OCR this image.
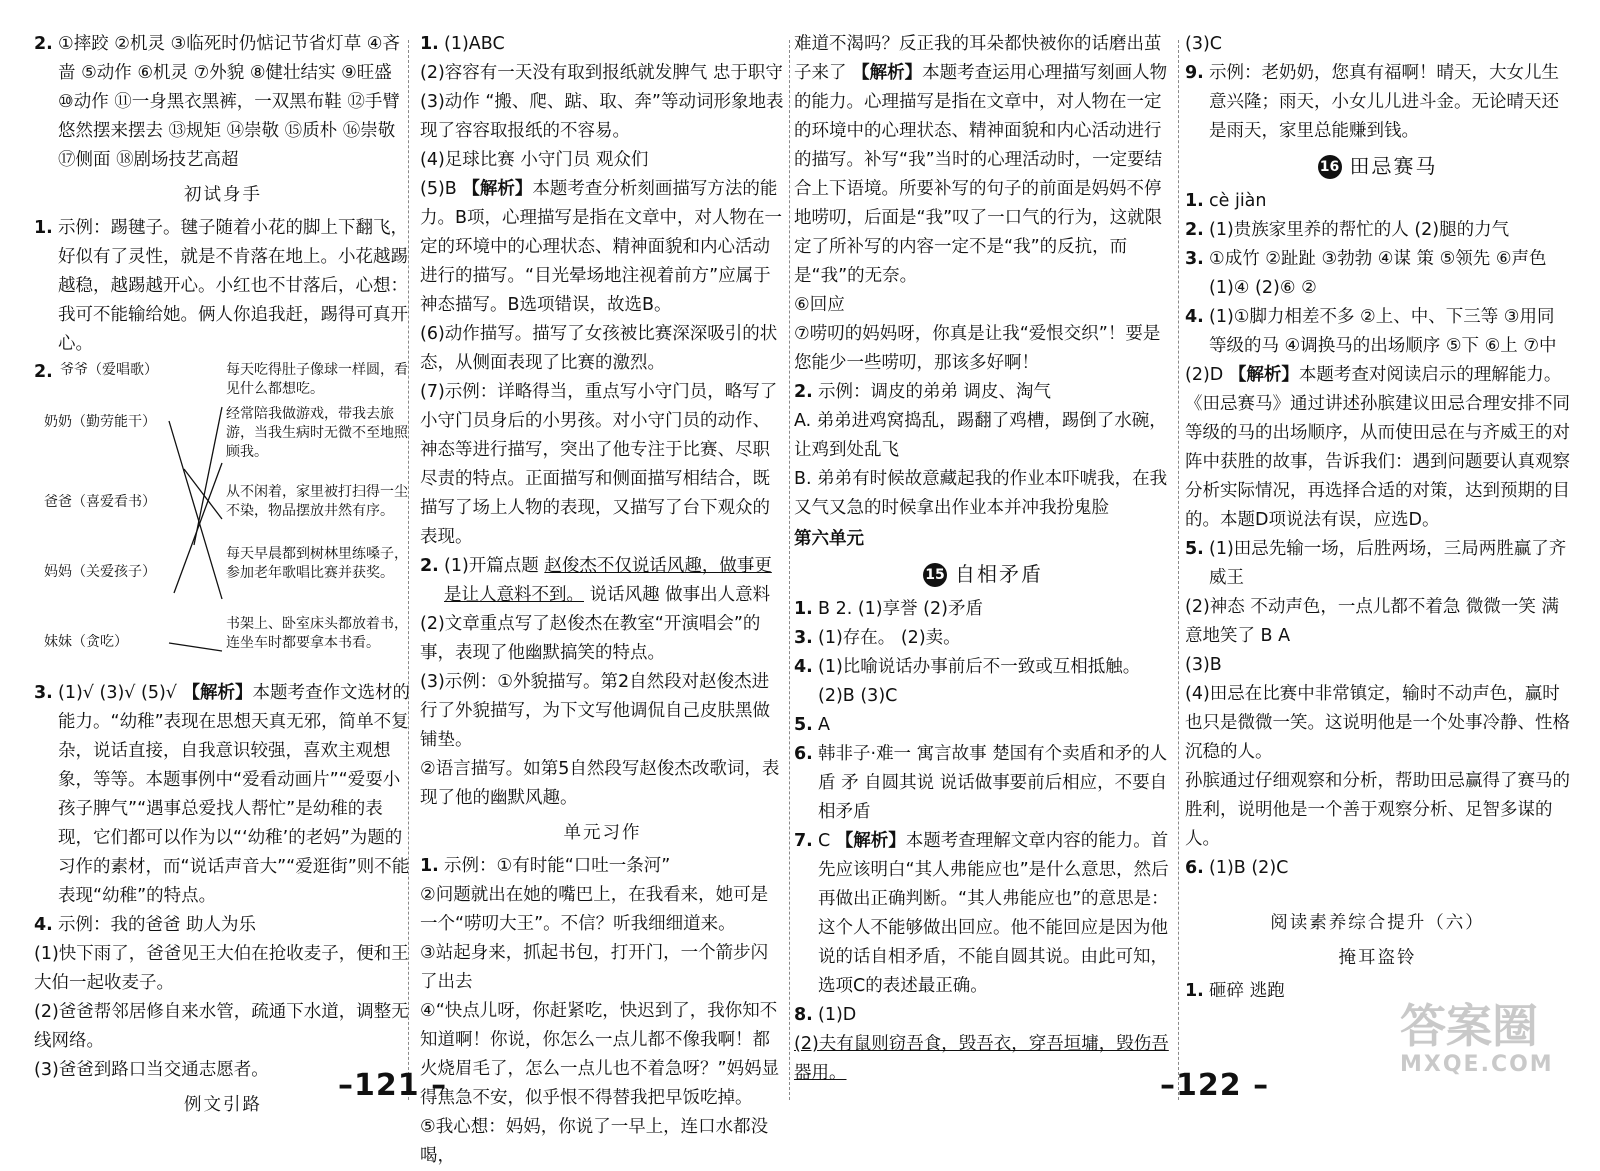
2. ①摔跤 ②机灵 ③临死时仍惦记节省灯草 ④吝啬 ⑤动作 ⑥机灵 ⑦外貌 ⑧健壮结实 ⑨旺盛 ⑩动作 ⑪一身黑衣黑裤，一双黑布鞋 ⑫手臂悠然摆来摆去 ⑬规矩 ⑭崇敬 ⑮质朴 ⑯崇敬 ⑰侧面 ⑱剧场技艺高超

初试身手

1. 示例：踢毽子。毽子随着小花的脚上下翻飞，好似有了灵性，就是不肯落在地上。小花越踢越稳，越踢越开心。小红也不甘落后，心想：我可不能输给她。俩人你追我赶，踢得可真开心。

2. 爷爷（爱唱歌）
奶奶（勤劳能干）
爸爸（喜爱看书）
妈妈（关爱孩子）
妹妹（贪吃）
每天吃得肚子像球一样圆，看见什么都想吃。
经常陪我做游戏，带我去旅游，当我生病时无微不至地照顾我。
从不闲着，家里被打扫得一尘不染，物品摆放井然有序。
每天早晨都到树林里练嗓子，参加老年歌唱比赛并获奖。
书架上、卧室床头都放着书，连坐车时都要拿本书看。

3. (1)√ (3)√ (5)√ 【解析】本题考查作文选材的能力。“幼稚”表现在思想天真无邪，简单不复杂，说话直接，自我意识较强，喜欢主观想象，等等。本题事例中“爱看动画片”“爱耍小孩子脾气”“遇事总爱找人帮忙”是幼稚的表现，它们都可以作为以“‘幼稚’的老妈”为题的习作的素材，而“说话声音大”“爱逛街”则不能表现“幼稚”的特点。

4. 示例：我的爸爸 助人为乐

(1)快下雨了，爸爸见王大伯在抢收麦子，便和王大伯一起收麦子。

(2)爸爸帮邻居修自来水管，疏通下水道，调整无线网络。

(3)爸爸到路口当交通志愿者。

例文引路

1. (1)ABC

(2)容容有一天没有取到报纸就发脾气 忠于职守

(3)动作 “搬、爬、踮、取、奔”等动词形象地表现了容容取报纸的不容易。

(4)足球比赛 小守门员 观众们

(5)B 【解析】本题考查分析刻画描写方法的能力。B项，心理描写是指在文章中，对人物在一定的环境中的心理状态、精神面貌和内心活动进行的描写。“目光晕场地注视着前方”应属于神态描写。B选项错误，故选B。

(6)动作描写。描写了女孩被比赛深深吸引的状态，从侧面表现了比赛的激烈。

(7)示例：详略得当，重点写小守门员，略写了小守门员身后的小男孩。对小守门员的动作、神态等进行描写，突出了他专注于比赛、尽职尽责的特点。正面描写和侧面描写相结合，既描写了场上人物的表现，又描写了台下观众的表现。

2. (1)开篇点题 赵俊杰不仅说话风趣，做事更是让人意料不到。 说话风趣 做事出人意料

(2)文章重点写了赵俊杰在教室“开演唱会”的事，表现了他幽默搞笑的特点。

(3)示例：①外貌描写。第2自然段对赵俊杰进行了外貌描写，为下文写他调侃自己皮肤黑做铺垫。

②语言描写。如第5自然段写赵俊杰改歌词，表现了他的幽默风趣。

单元习作

1. 示例：①有时能“口吐一条河”

②问题就出在她的嘴巴上，在我看来，她可是一个“唠叨大王”。不信？听我细细道来。

③站起身来，抓起书包，打开门，一个箭步闪了出去

④“快点儿呀，你赶紧吃，快迟到了，我你知不知道啊！你说，你怎么一点儿都不像我啊！都火烧眉毛了，怎么一点儿也不着急呀？”妈妈显得焦急不安，似乎恨不得替我把早饭吃掉。

⑤我心想：妈妈，你说了一早上，连口水都没喝，

难道不渴吗？反正我的耳朵都快被你的话磨出茧子来了 【解析】本题考查运用心理描写刻画人物的能力。心理描写是指在文章中，对人物在一定的环境中的心理状态、精神面貌和内心活动进行的描写。补写“我”当时的心理活动时，一定要结合上下语境。所要补写的句子的前面是妈妈不停地唠叨，后面是“我”叹了一口气的行为，这就限定了所补写的内容一定不是“我”的反抗，而是“我”的无奈。

⑥回应

⑦唠叨的妈妈呀，你真是让我“爱恨交织”！要是您能少一些唠叨，那该多好啊！

2. 示例：调皮的弟弟 调皮、淘气

A. 弟弟进鸡窝捣乱，踢翻了鸡槽，踢倒了水碗，让鸡到处乱飞

B. 弟弟有时候故意藏起我的作业本吓唬我，在我又气又急的时候拿出作业本并冲我扮鬼脸

第六单元
15 自相矛盾

1. B 2. (1)享誉 (2)矛盾

3. (1)存在。 (2)卖。

4. (1)比喻说话办事前后不一致或互相抵触。 (2)B (3)C

5. A

6. 韩非子·难一 寓言故事 楚国有个卖盾和矛的人 盾 矛 自圆其说 说话做事要前后相应，不要自相矛盾

7. C 【解析】本题考查理解文章内容的能力。首先应该明白“其人弗能应也”是什么意思，然后再做出正确判断。“其人弗能应也”的意思是：这个人不能够做出回应。他不能回应是因为他说的话自相矛盾，不能自圆其说。由此可知，选项C的表述最正确。

8. (1)D

(2)夫有鼠则窃吾食，毁吾衣，穿吾垣墉，毁伤吾器用。

(3)C

9. 示例：老奶奶，您真有福啊！晴天，大女儿生意兴隆；雨天，小女儿儿进斗金。无论晴天还是雨天，家里总能赚到钱。

16 田忌赛马

1. cè jiàn

2. (1)贵族家里养的帮忙的人 (2)腿的力气

3. ①成竹 ②趾趾 ③勃勃 ④谋 策 ⑤领先 ⑥声色 (1)④ (2)⑥ ②

4. (1)①脚力相差不多 ②上、中、下三等 ③用同等级的马 ④调换马的出场顺序 ⑤下 ⑥上 ⑦中

(2)D 【解析】本题考查对阅读启示的理解能力。《田忌赛马》通过讲述孙膑建议田忌合理安排不同等级的马的出场顺序，从而使田忌在与齐威王的对阵中获胜的故事，告诉我们：遇到问题要认真观察分析实际情况，再选择合适的对策，达到预期的目的。本题D项说法有误，应选D。

5. (1)田忌先输一场，后胜两场，三局两胜赢了齐威王

(2)神态 不动声色，一点儿都不着急 微微一笑 满意地笑了 B A

(3)B

(4)田忌在比赛中非常镇定，输时不动声色，赢时也只是微微一笑。这说明他是一个处事冷静、性格沉稳的人。

孙膑通过仔细观察和分析，帮助田忌赢得了赛马的胜利，说明他是一个善于观察分析、足智多谋的人。

6. (1)B (2)C

阅读素养综合提升（六）
掩耳盗铃

1. 砸碎 逃跑

–121 –	–122 –
答案圈
MXQE.COM
